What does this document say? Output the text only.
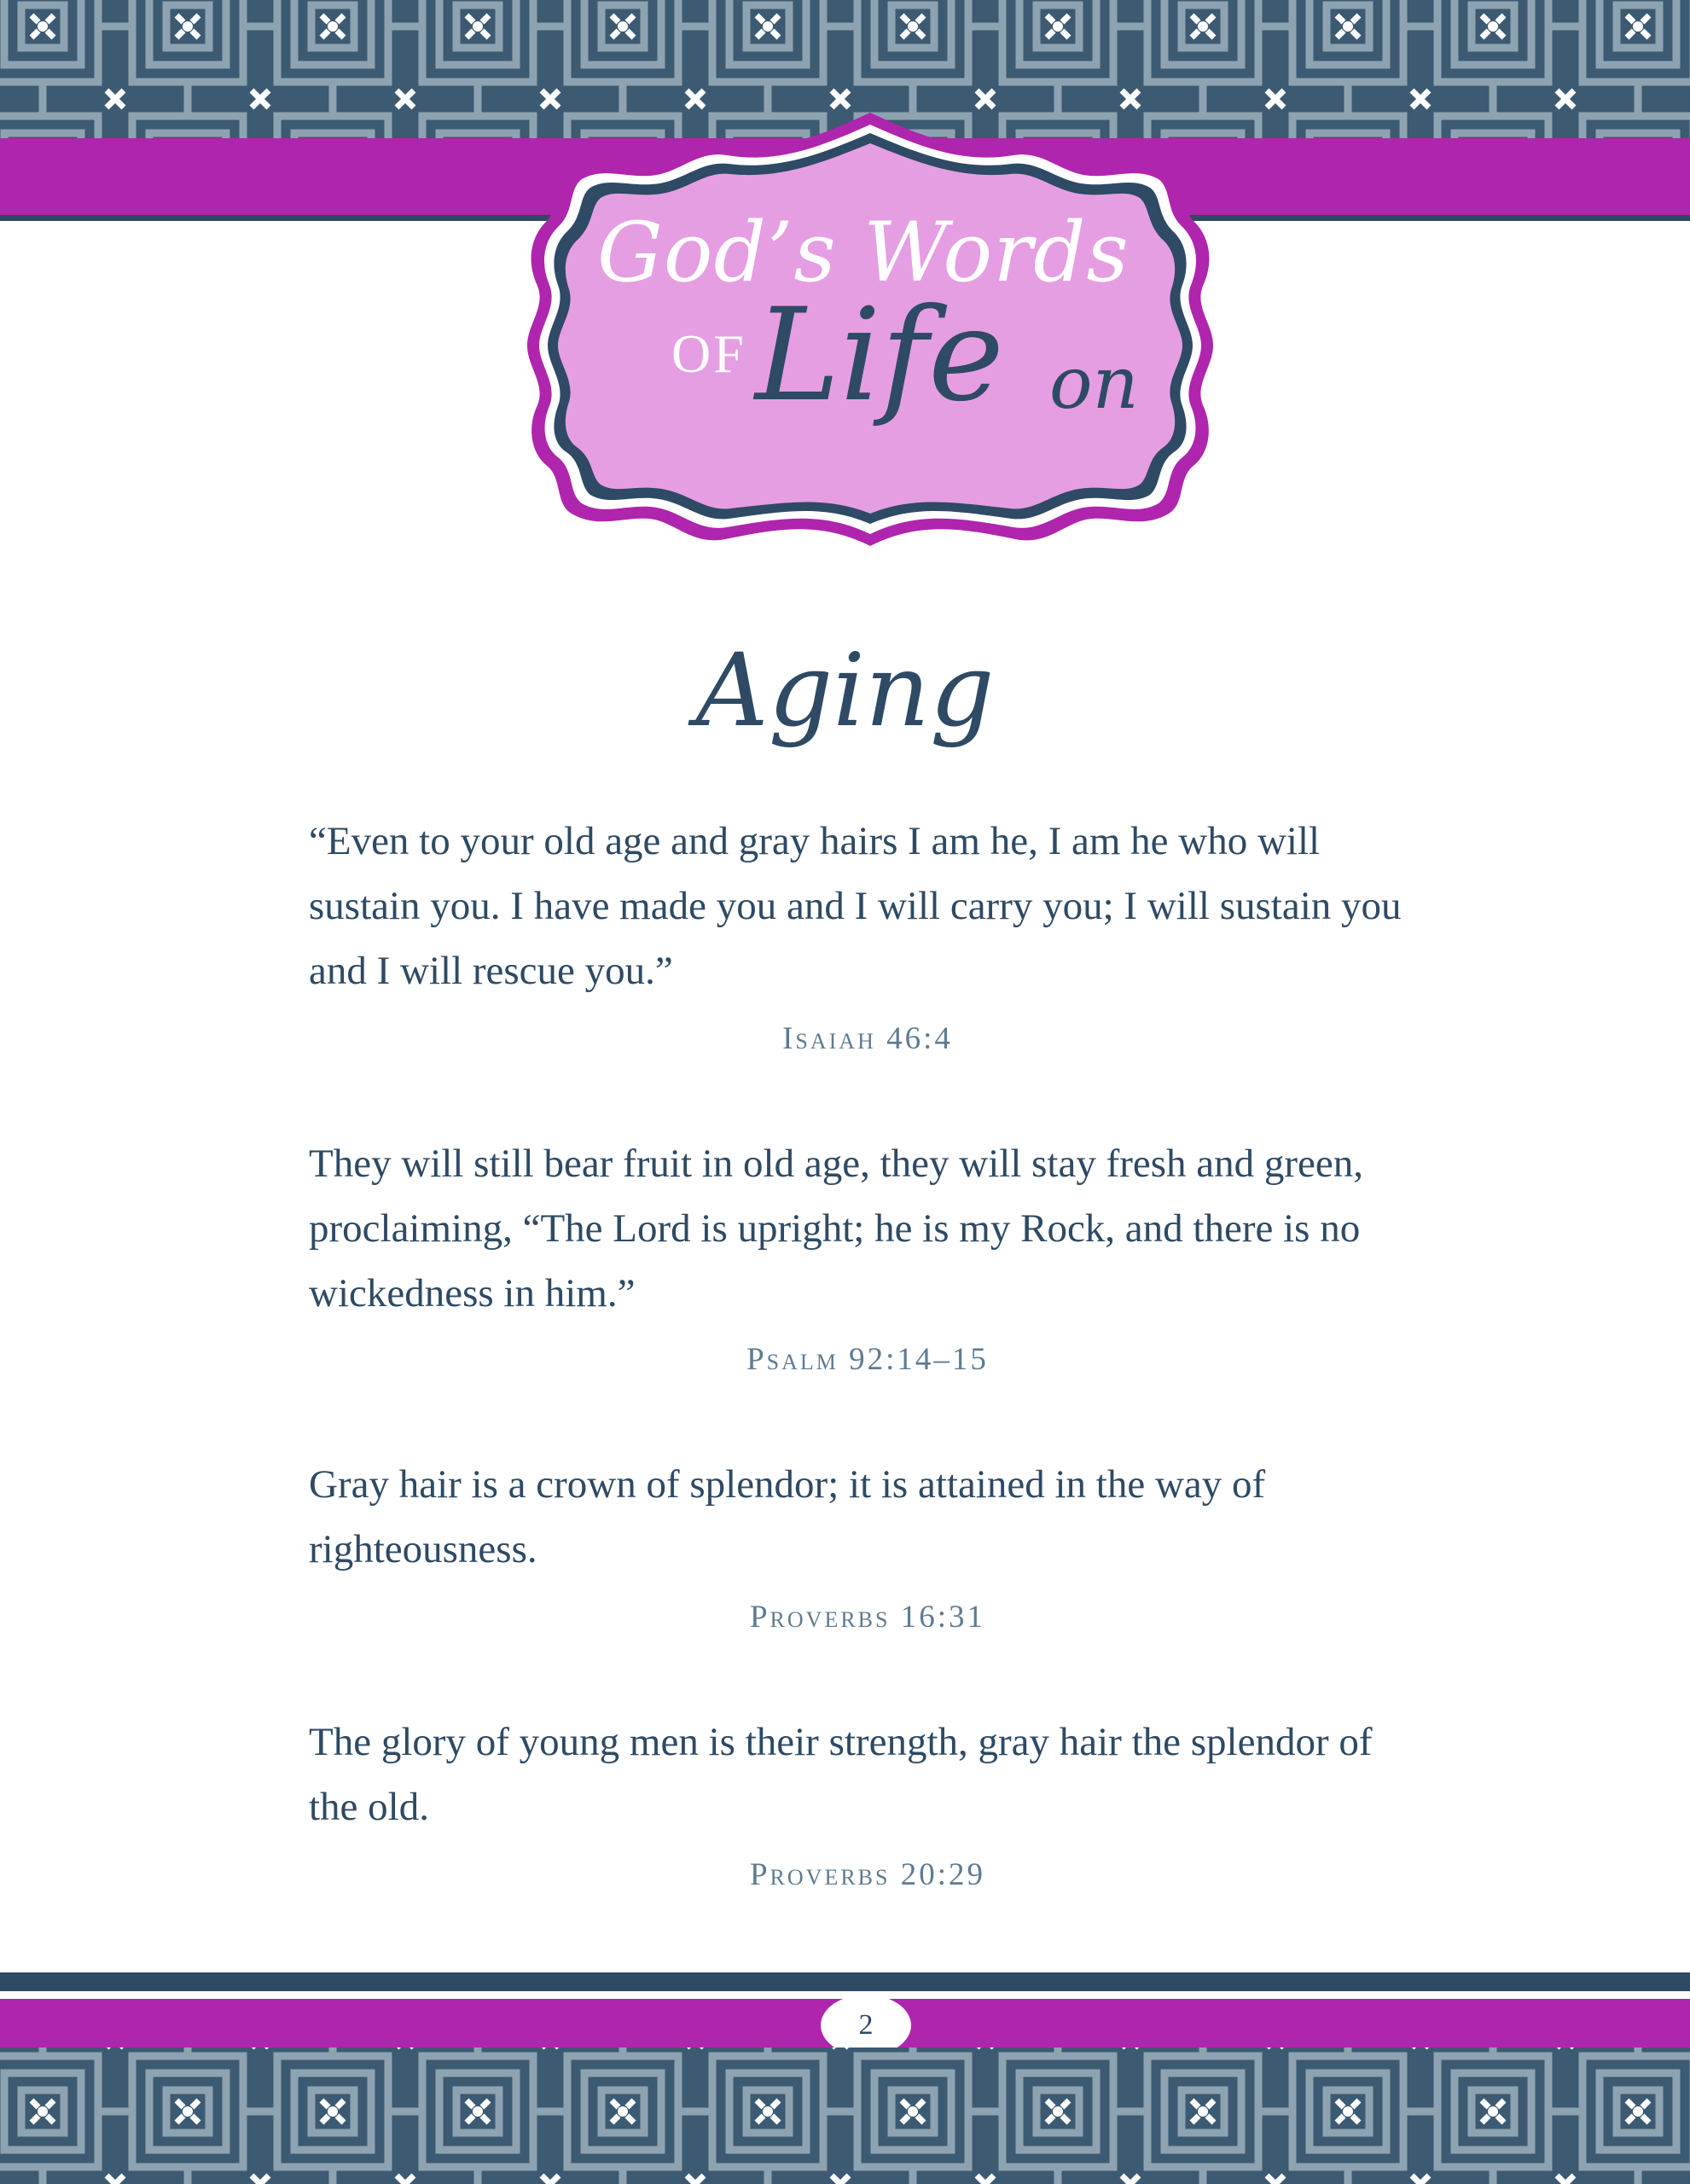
God’s Words

OF Life on

Aging

“Even to your old age and gray hairs I am he, I am he who will sustain you. I have made you and I will carry you; I will sustain you and I will rescue you.”

Isaiah 46:4

They will still bear fruit in old age, they will stay fresh and green, proclaiming, “The Lord is upright; he is my Rock, and there is no wickedness in him.”

Psalm 92:14–15

Gray hair is a crown of splendor; it is attained in the way of righteousness.

Proverbs 16:31

The glory of young men is their strength, gray hair the splendor of the old.

Proverbs 20:29

2
